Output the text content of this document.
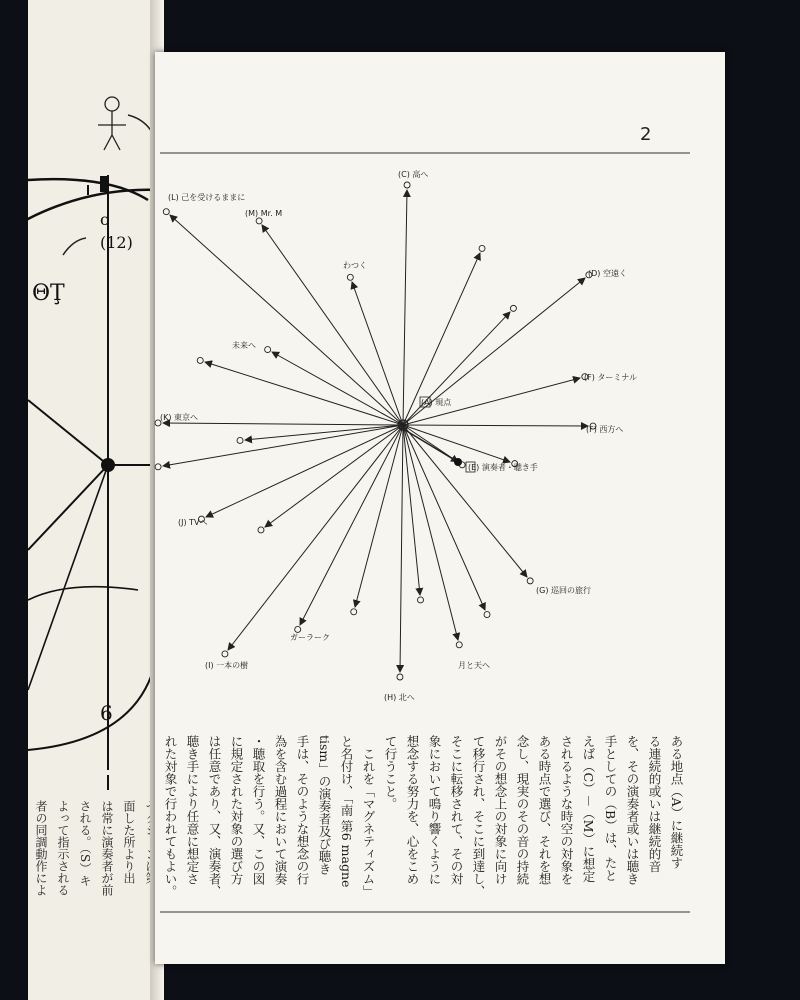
(12)
o
ΘŢ
6

面した所より出
は常に演奏者が前
される。（S）キ
よって指示される
者の同調動作によ
2
(A) 現点
(C) 高へ
(M) Mr. M
(L) 己を受けるままに
わつく
(D) 空遠く
未来へ
(F) ターミナル
(K) 東京へ
(F) 西方へ
(E) 演奏者・聴き手
(J) TVへ
(G) 巡回の旅行
ガーラーク
(I) 一本の樹	月と天へ
(H) 北へ
ある地点（A）に継続す
る連続的或いは継続的音
を、その演奏者或いは聴き
手としての（B）は、たと
えば（C）－（M）に想定
されるような時空の対象を
ある時点で選び、それを想
念し、現実のその音の持続
がその想念上の対象に向け
て移行され、そこに到達し、
そこに転移されて、その対
象において鳴り響くように
想念する努力を、心をこめ
て行うこと。
　これを「マグネティズム」
と名付け、「南 第6 magne
tism」の演奏者及び聴き
手は、そのような想念の行
為を含む過程において演奏
・聴取を行う。又、この図
に規定された対象の選び方
は任意であり、又、演奏者、
聴き手により任意に想定さ
れた対象で行われてもよい。
